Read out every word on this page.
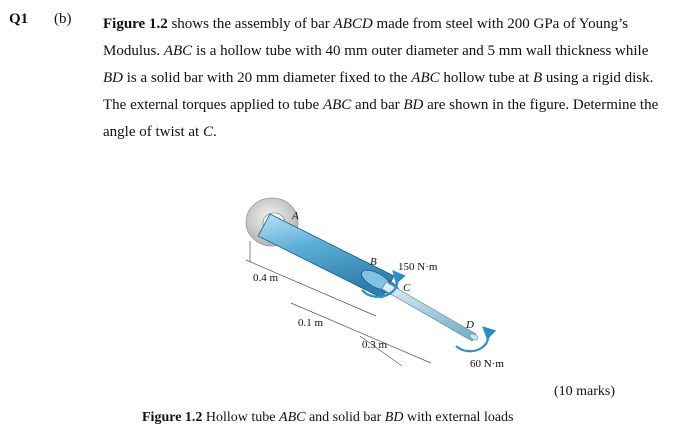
Q1 (b) Figure 1.2 shows the assembly of bar ABCD made from steel with 200 GPa of Young’s Modulus. ABC is a hollow tube with 40 mm outer diameter and 5 mm wall thickness while BD is a solid bar with 20 mm diameter fixed to the ABC hollow tube at B using a rigid disk. The external torques applied to tube ABC and bar BD are shown in the figure. Determine the angle of twist at C.
A
B
C
D
150 N·m
60 N·m
0.4 m
0.1 m
0.3 m
(10 marks)
Figure 1.2 Hollow tube ABC and solid bar BD with external loads
